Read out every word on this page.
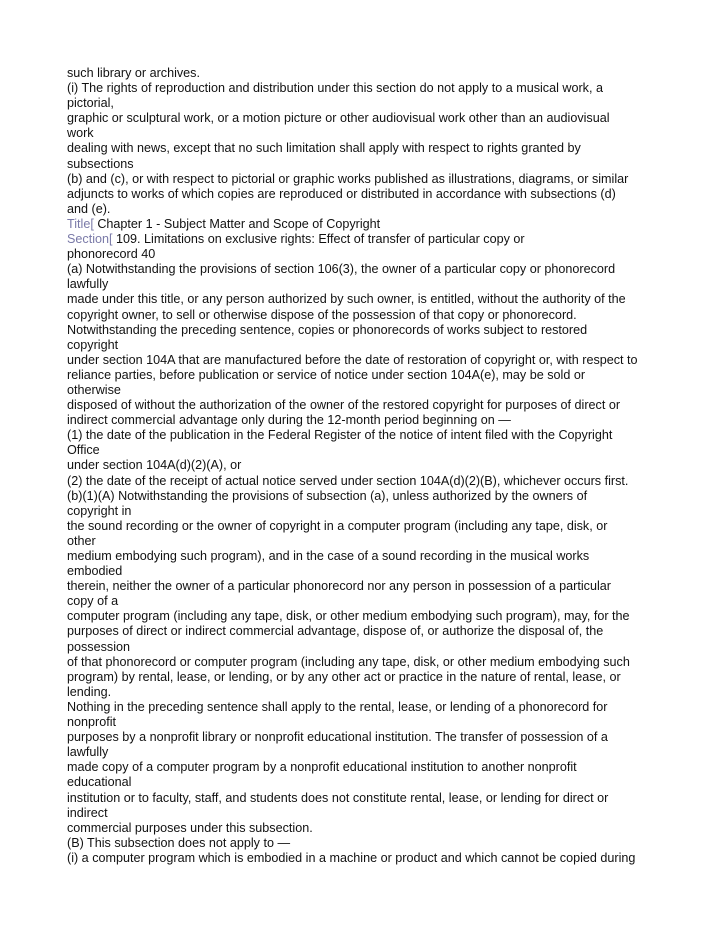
such library or archives.
(i) The rights of reproduction and distribution under this section do not apply to a musical work, a
pictorial,
graphic or sculptural work, or a motion picture or other audiovisual work other than an audiovisual
work
dealing with news, except that no such limitation shall apply with respect to rights granted by
subsections
(b) and (c), or with respect to pictorial or graphic works published as illustrations, diagrams, or similar
adjuncts to works of which copies are reproduced or distributed in accordance with subsections (d)
and (e).
Title[ Chapter 1 - Subject Matter and Scope of Copyright
Section[ 109. Limitations on exclusive rights: Effect of transfer of particular copy or
phonorecord 40
(a) Notwithstanding the provisions of section 106(3), the owner of a particular copy or phonorecord
lawfully
made under this title, or any person authorized by such owner, is entitled, without the authority of the
copyright owner, to sell or otherwise dispose of the possession of that copy or phonorecord.
Notwithstanding the preceding sentence, copies or phonorecords of works subject to restored
copyright
under section 104A that are manufactured before the date of restoration of copyright or, with respect to
reliance parties, before publication or service of notice under section 104A(e), may be sold or
otherwise
disposed of without the authorization of the owner of the restored copyright for purposes of direct or
indirect commercial advantage only during the 12-month period beginning on —
(1) the date of the publication in the Federal Register of the notice of intent filed with the Copyright
Office
under section 104A(d)(2)(A), or
(2) the date of the receipt of actual notice served under section 104A(d)(2)(B), whichever occurs first.
(b)(1)(A) Notwithstanding the provisions of subsection (a), unless authorized by the owners of
copyright in
the sound recording or the owner of copyright in a computer program (including any tape, disk, or
other
medium embodying such program), and in the case of a sound recording in the musical works
embodied
therein, neither the owner of a particular phonorecord nor any person in possession of a particular
copy of a
computer program (including any tape, disk, or other medium embodying such program), may, for the
purposes of direct or indirect commercial advantage, dispose of, or authorize the disposal of, the
possession
of that phonorecord or computer program (including any tape, disk, or other medium embodying such
program) by rental, lease, or lending, or by any other act or practice in the nature of rental, lease, or
lending.
Nothing in the preceding sentence shall apply to the rental, lease, or lending of a phonorecord for
nonprofit
purposes by a nonprofit library or nonprofit educational institution. The transfer of possession of a
lawfully
made copy of a computer program by a nonprofit educational institution to another nonprofit
educational
institution or to faculty, staff, and students does not constitute rental, lease, or lending for direct or
indirect
commercial purposes under this subsection.
(B) This subsection does not apply to —
(i) a computer program which is embodied in a machine or product and which cannot be copied during
